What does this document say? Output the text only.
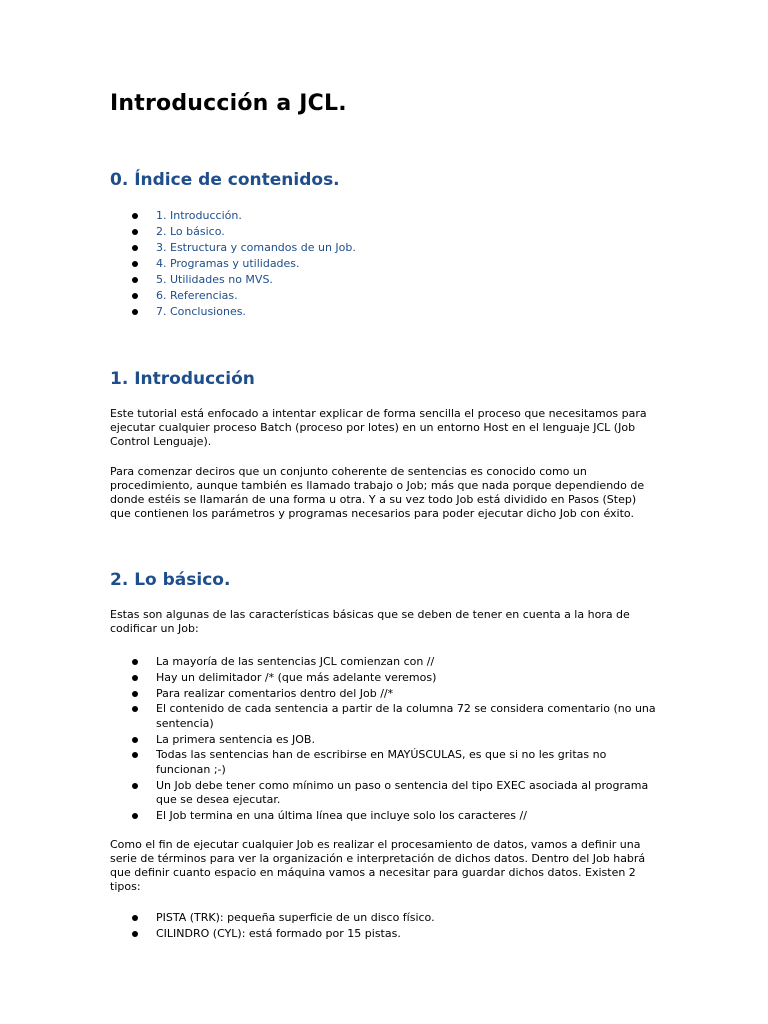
Introducción a JCL.
0. Índice de contenidos.
1. Introducción.
2. Lo básico.
3. Estructura y comandos de un Job.
4. Programas y utilidades.
5. Utilidades no MVS.
6. Referencias.
7. Conclusiones.
1. Introducción

Este tutorial está enfocado a intentar explicar de forma sencilla el proceso que necesitamos para ejecutar cualquier proceso Batch (proceso por lotes) en un entorno Host en el lenguaje JCL (Job Control Lenguaje).

Para comenzar deciros que un conjunto coherente de sentencias es conocido como un procedimiento, aunque también es llamado trabajo o Job; más que nada porque dependiendo de donde estéis se llamarán de una forma u otra. Y a su vez todo Job está dividido en Pasos (Step) que contienen los parámetros y programas necesarios para poder ejecutar dicho Job con éxito.

2. Lo básico.

Estas son algunas de las características básicas que se deben de tener en cuenta a la hora de codificar un Job:

La mayoría de las sentencias JCL comienzan con //
Hay un delimitador /* (que más adelante veremos)
Para realizar comentarios dentro del Job //*
El contenido de cada sentencia a partir de la columna 72 se considera comentario (no una sentencia)
La primera sentencia es JOB.
Todas las sentencias han de escribirse en MAYÚSCULAS, es que si no les gritas no funcionan ;-)
Un Job debe tener como mínimo un paso o sentencia del tipo EXEC asociada al programa que se desea ejecutar.
El Job termina en una última línea que incluye solo los caracteres //

Como el fin de ejecutar cualquier Job es realizar el procesamiento de datos, vamos a definir una serie de términos para ver la organización e interpretación de dichos datos. Dentro del Job habrá que definir cuanto espacio en máquina vamos a necesitar para guardar dichos datos. Existen 2 tipos:

PISTA (TRK): pequeña superficie de un disco físico.
CILINDRO (CYL): está formado por 15 pistas.
